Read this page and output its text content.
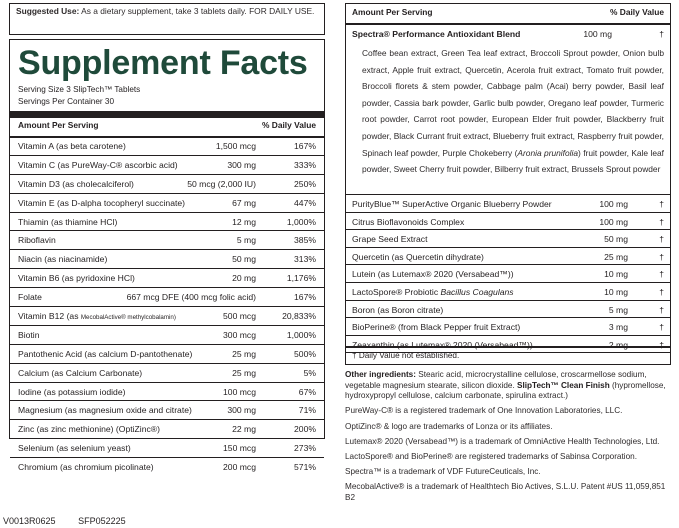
Suggested Use: As a dietary supplement, take 3 tablets daily. FOR DAILY USE.
Supplement Facts
Serving Size 3 SlipTech™ Tablets
Servings Per Container 30
Amount Per Serving	% Daily Value
Vitamin A (as beta carotene)	1,500 mcg	167%
Vitamin C (as PureWay-C® ascorbic acid)	300 mg	333%
Vitamin D3 (as cholecalciferol)	50 mcg (2,000 IU)	250%
Vitamin E (as D-alpha tocopheryl succinate)	67 mg	447%
Thiamin (as thiamine HCl)	12 mg	1,000%
Riboflavin	5 mg	385%
Niacin (as niacinamide)	50 mg	313%
Vitamin B6 (as pyridoxine HCl)	20 mg	1,176%
Folate	667 mcg DFE (400 mcg folic acid)	167%
Vitamin B12 (as MecobalActive® methylcobalamin)	500 mcg	20,833%
Biotin	300 mcg	1,000%
Pantothenic Acid (as calcium D-pantothenate)	25 mg	500%
Calcium (as Calcium Carbonate)	25 mg	5%
Iodine (as potassium iodide)	100 mcg	67%
Magnesium (as magnesium oxide and citrate)	300 mg	71%
Zinc (as zinc methionine) (OptiZinc®)	22 mg	200%
Selenium (as selenium yeast)	150 mcg	273%
Chromium (as chromium picolinate)	200 mcg	571%
V0013R0625	SFP052225
Amount Per Serving	% Daily Value
Spectra® Performance Antioxidant Blend	100 mg	†
Coffee bean extract, Green Tea leaf extract, Broccoli Sprout powder, Onion bulb extract, Apple fruit extract, Quercetin, Acerola fruit extract, Tomato fruit powder, Broccoli florets & stem powder, Cabbage palm (Acai) berry powder, Basil leaf powder, Cassia bark powder, Garlic bulb powder, Oregano leaf powder, Turmeric root powder, Carrot root powder, European Elder fruit powder, Blackberry fruit powder, Black Currant fruit extract, Blueberry fruit extract, Raspberry fruit powder, Spinach leaf powder, Purple Chokeberry (Aronia prunifolia) fruit powder, Kale leaf powder, Sweet Cherry fruit powder, Bilberry fruit extract, Brussels Sprout powder
PurityBlue™ SuperActive Organic Blueberry Powder	100 mg	†
Citrus Bioflavonoids Complex	100 mg	†
Grape Seed Extract	50 mg	†
Quercetin (as Quercetin dihydrate)	25 mg	†
Lutein (as Lutemax® 2020 (Versabead™))	10 mg	†
LactoSpore® Probiotic Bacillus Coagulans	10 mg	†
Boron (as Boron citrate)	5 mg	†
BioPerine® (from Black Pepper fruit Extract)	3 mg	†
Zeaxanthin (as Lutemax® 2020 (Versabead™))	2 mg	†
† Daily Value not established.

Other ingredients: Stearic acid, microcrystalline cellulose, croscarmellose sodium, vegetable magnesium stearate, silicon dioxide. SlipTech™ Clean Finish (hypromellose, hydroxypropyl cellulose, calcium carbonate, spirulina extract.)

PureWay-C® is a registered trademark of One Innovation Laboratories, LLC.

OptiZinc® & logo are trademarks of Lonza or its affiliates.

Lutemax® 2020 (Versabead™) is a trademark of OmniActive Health Technologies, Ltd.

LactoSpore® and BioPerine® are registered trademarks of Sabinsa Corporation.

Spectra™ is a trademark of VDF FutureCeuticals, Inc.

MecobalActive® is a trademark of Healthtech Bio Actives, S.L.U. Patent #US 11,059,851 B2
